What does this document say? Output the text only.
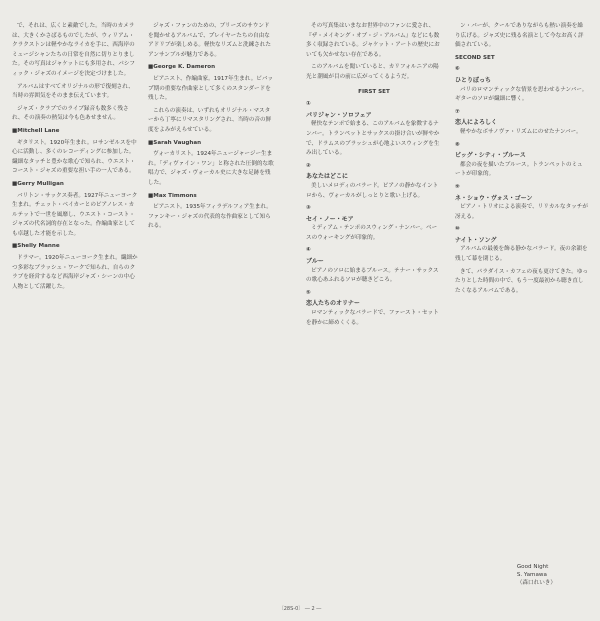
で、それは、広くと素敵でした。当時のカメラは、大きくかさばるものでしたが、ウィリアム・クラクストンは軽やかなライカを手に、西海岸のミュージシャンたちの日常を自然に切りとりました。その写真はジャケットにも多用され、パシフィック・ジャズのイメージを決定づけました。

アルバムはすべてオリジナルの形で復刻され、当時の雰囲気をそのまま伝えています。

ジャズ・クラブでのライブ録音も数多く残され、その演奏の熱気は今も色あせません。

■Mitchell Lane

ギタリスト。1920年生まれ。ロサンゼルスを中心に活動し、多くのレコーディングに参加した。繊細なタッチと豊かな歌心で知られ、ウエスト・コースト・ジャズの重要な担い手の一人である。

■Gerry Mulligan

バリトン・サックス奏者。1927年ニューヨーク生まれ。チェット・ベイカーとのピアノレス・カルテットで一世を風靡し、ウエスト・コースト・ジャズの代名詞的存在となった。作編曲家としても卓越した才能を示した。

■Shelly Manne

ドラマー。1920年ニューヨーク生まれ。繊細かつ多彩なブラッシュ・ワークで知られ、自らのクラブを経営するなど西海岸ジャズ・シーンの中心人物として活躍した。

ジャズ・ファンのための、ブリーズのサウンドを聞かせるアルバムで、プレイヤーたちの自由なアドリブが楽しめる。軽快なリズムと洗練されたアンサンブルが魅力である。

■George K. Dameron

ピアニスト、作編曲家。1917年生まれ。ビバップ期の重要な作曲家として多くのスタンダードを残した。

これらの演奏は、いずれもオリジナル・マスターから丁寧にリマスタリングされ、当時の音の鮮度をよみがえらせている。

■Sarah Vaughan

ヴォーカリスト。1924年ニュージャージー生まれ。「ディヴァイン・ワン」と称された圧倒的な歌唱力で、ジャズ・ヴォーカル史に大きな足跡を残した。

■Max Timmons

ピアニスト。1935年フィラデルフィア生まれ。ファンキー・ジャズの代表的な作曲家として知られる。

その写真集はいまなお世界中のファンに愛され、『ザ・メイキング・オブ・ジ・アルバム』などにも数多く収録されている。ジャケット・アートの歴史においても欠かせない存在である。

このアルバムを聞いていると、カリフォルニアの陽光と潮風が目の前に広がってくるようだ。

FIRST SET
①
パリジャン・ソロフェア

軽快なテンポで始まる、このアルバムを象徴するナンバー。トランペットとサックスの掛け合いが鮮やかで、ドラムスのブラッシュが心地よいスウィングを生み出している。

②
あなたはどこに

美しいメロディのバラード。ピアノの静かなイントロから、ヴォーカルがしっとりと歌い上げる。

③
セイ・ノー・モア

ミディアム・テンポのスウィング・ナンバー。ベースのウォーキングが印象的。

④
ブルー

ピアノのソロに始まるブルース。テナー・サックスの歌心あふれるソロが聴きどころ。

⑤
恋人たちのオリナー

ロマンティックなバラードで、ファースト・セットを静かに締めくくる。

ン・バーが、クールでありながらも熱い演奏を繰り広げる。ジャズ史に残る名演として今なお高く評価されている。

SECOND SET
⑥
ひとりぼっち

パリのロマンティックな情景を思わせるナンバー。ギターのソロが繊細に響く。

⑦
恋人によろしく

軽やかなボサノヴァ・リズムにのせたナンバー。

⑧
ビッグ・シティ・ブルース

都会の夜を描いたブルース。トランペットのミュートが印象的。

⑨
ネ・ショウ・ヴォス・ゴーン

ピアノ・トリオによる演奏で、リリカルなタッチが冴える。

⑩
ナイト・ソング

アルバムの最後を飾る静かなバラード。夜の余韻を残して幕を閉じる。

きて、パラダイス・カフェの夜も更けてきた。ゆったりとした時間の中で、もう一度最初から聴き直したくなるアルバムである。

Good Night
S. Yamawa
（森口れいき）
〔28S-0〕 ― 2 ―
